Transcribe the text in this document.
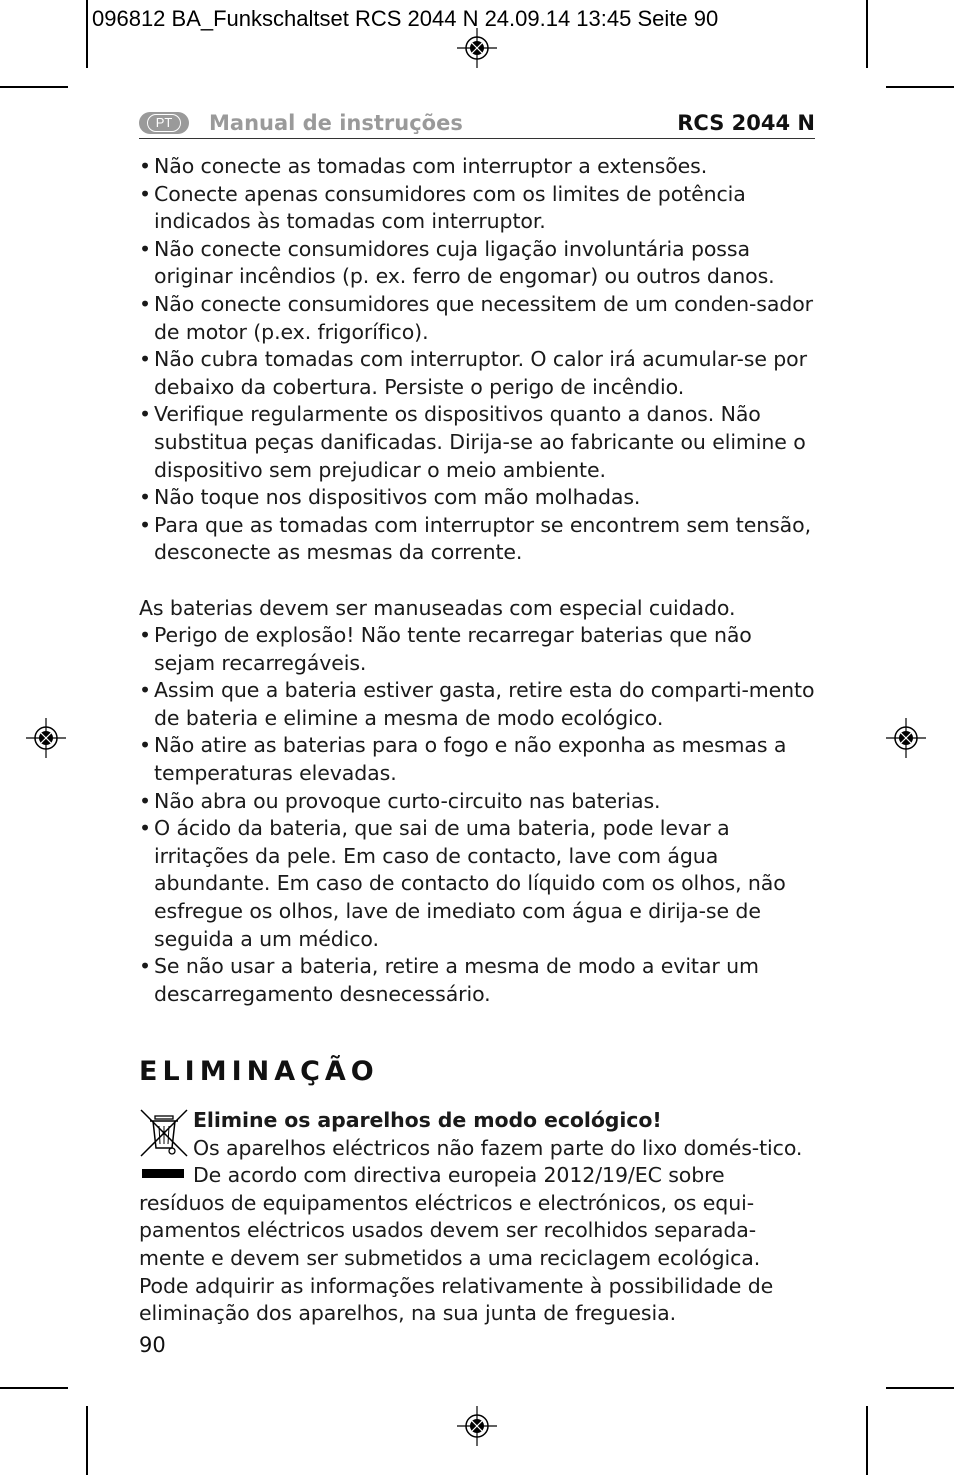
096812 BA_Funkschaltset RCS 2044 N 24.09.14 13:45 Seite 90
PT	Manual de instruções	RCS 2044 N
• Não conecte as tomadas com interruptor a extensões.
• Conecte apenas consumidores com os limites de potência indicados às tomadas com interruptor.
• Não conecte consumidores cuja ligação involuntária possa originar incêndios (p. ex. ferro de engomar) ou outros danos.
• Não conecte consumidores que necessitem de um conden-sador de motor (p.ex. frigorífico).
• Não cubra tomadas com interruptor. O calor irá acumular-se por debaixo da cobertura. Persiste o perigo de incêndio.
• Verifique regularmente os dispositivos quanto a danos. Não substitua peças danificadas. Dirija-se ao fabricante ou elimine o dispositivo sem prejudicar o meio ambiente.
• Não toque nos dispositivos com mão molhadas.
• Para que as tomadas com interruptor se encontrem sem tensão, desconecte as mesmas da corrente.

As baterias devem ser manuseadas com especial cuidado.

• Perigo de explosão! Não tente recarregar baterias que não sejam recarregáveis.
• Assim que a bateria estiver gasta, retire esta do comparti-mento de bateria e elimine a mesma de modo ecológico.
• Não atire as baterias para o fogo e não exponha as mesmas a temperaturas elevadas.
• Não abra ou provoque curto-circuito nas baterias.
• O ácido da bateria, que sai de uma bateria, pode levar a irritações da pele. Em caso de contacto, lave com água abundante. Em caso de contacto do líquido com os olhos, não esfregue os olhos, lave de imediato com água e dirija-se de seguida a um médico.
• Se não usar a bateria, retire a mesma de modo a evitar um descarregamento desnecessário.
ELIMINAÇÃO
Elimine os aparelhos de modo ecológico!
Os aparelhos eléctricos não fazem parte do lixo domés-tico. De acordo com directiva europeia 2012/19/EC sobre resíduos de equipamentos eléctricos e electrónicos, os equi-pamentos eléctricos usados devem ser recolhidos separada-mente e devem ser submetidos a uma reciclagem ecológica. Pode adquirir as informações relativamente à possibilidade de eliminação dos aparelhos, na sua junta de freguesia.
90
